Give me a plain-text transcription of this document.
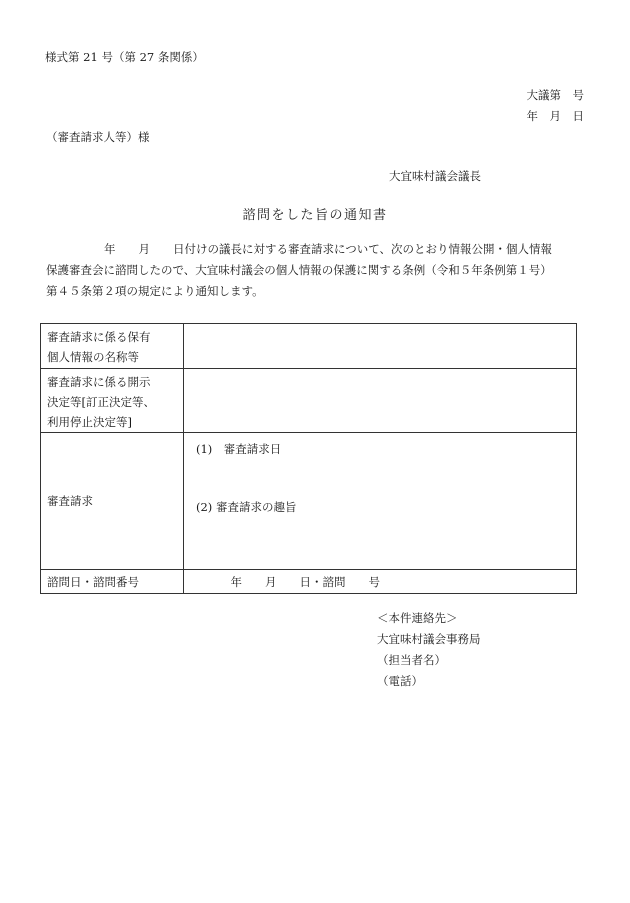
様式第 21 号（第 27 条関係）
大議第　号
年　月　日
（審査請求人等）様
大宜味村議会議長
諮問をした旨の通知書
年　　月　　日付けの議長に対する審査請求について、次のとおり情報公開・個人情報
保護審査会に諮問したので、大宜味村議会の個人情報の保護に関する条例（令和５年条例第１号）
第４５条第２項の規定により通知します。
審査請求に係る保有
個人情報の名称等	

審査請求に係る開示
決定等[訂正決定等、
利用停止決定等]	

審査請求	(1)　審査請求日
(2) 審査請求の趣旨

諮問日・諮問番号	　　　年　　月　　日・諮問　　号
＜本件連絡先＞
大宜味村議会事務局
（担当者名）
（電話）
